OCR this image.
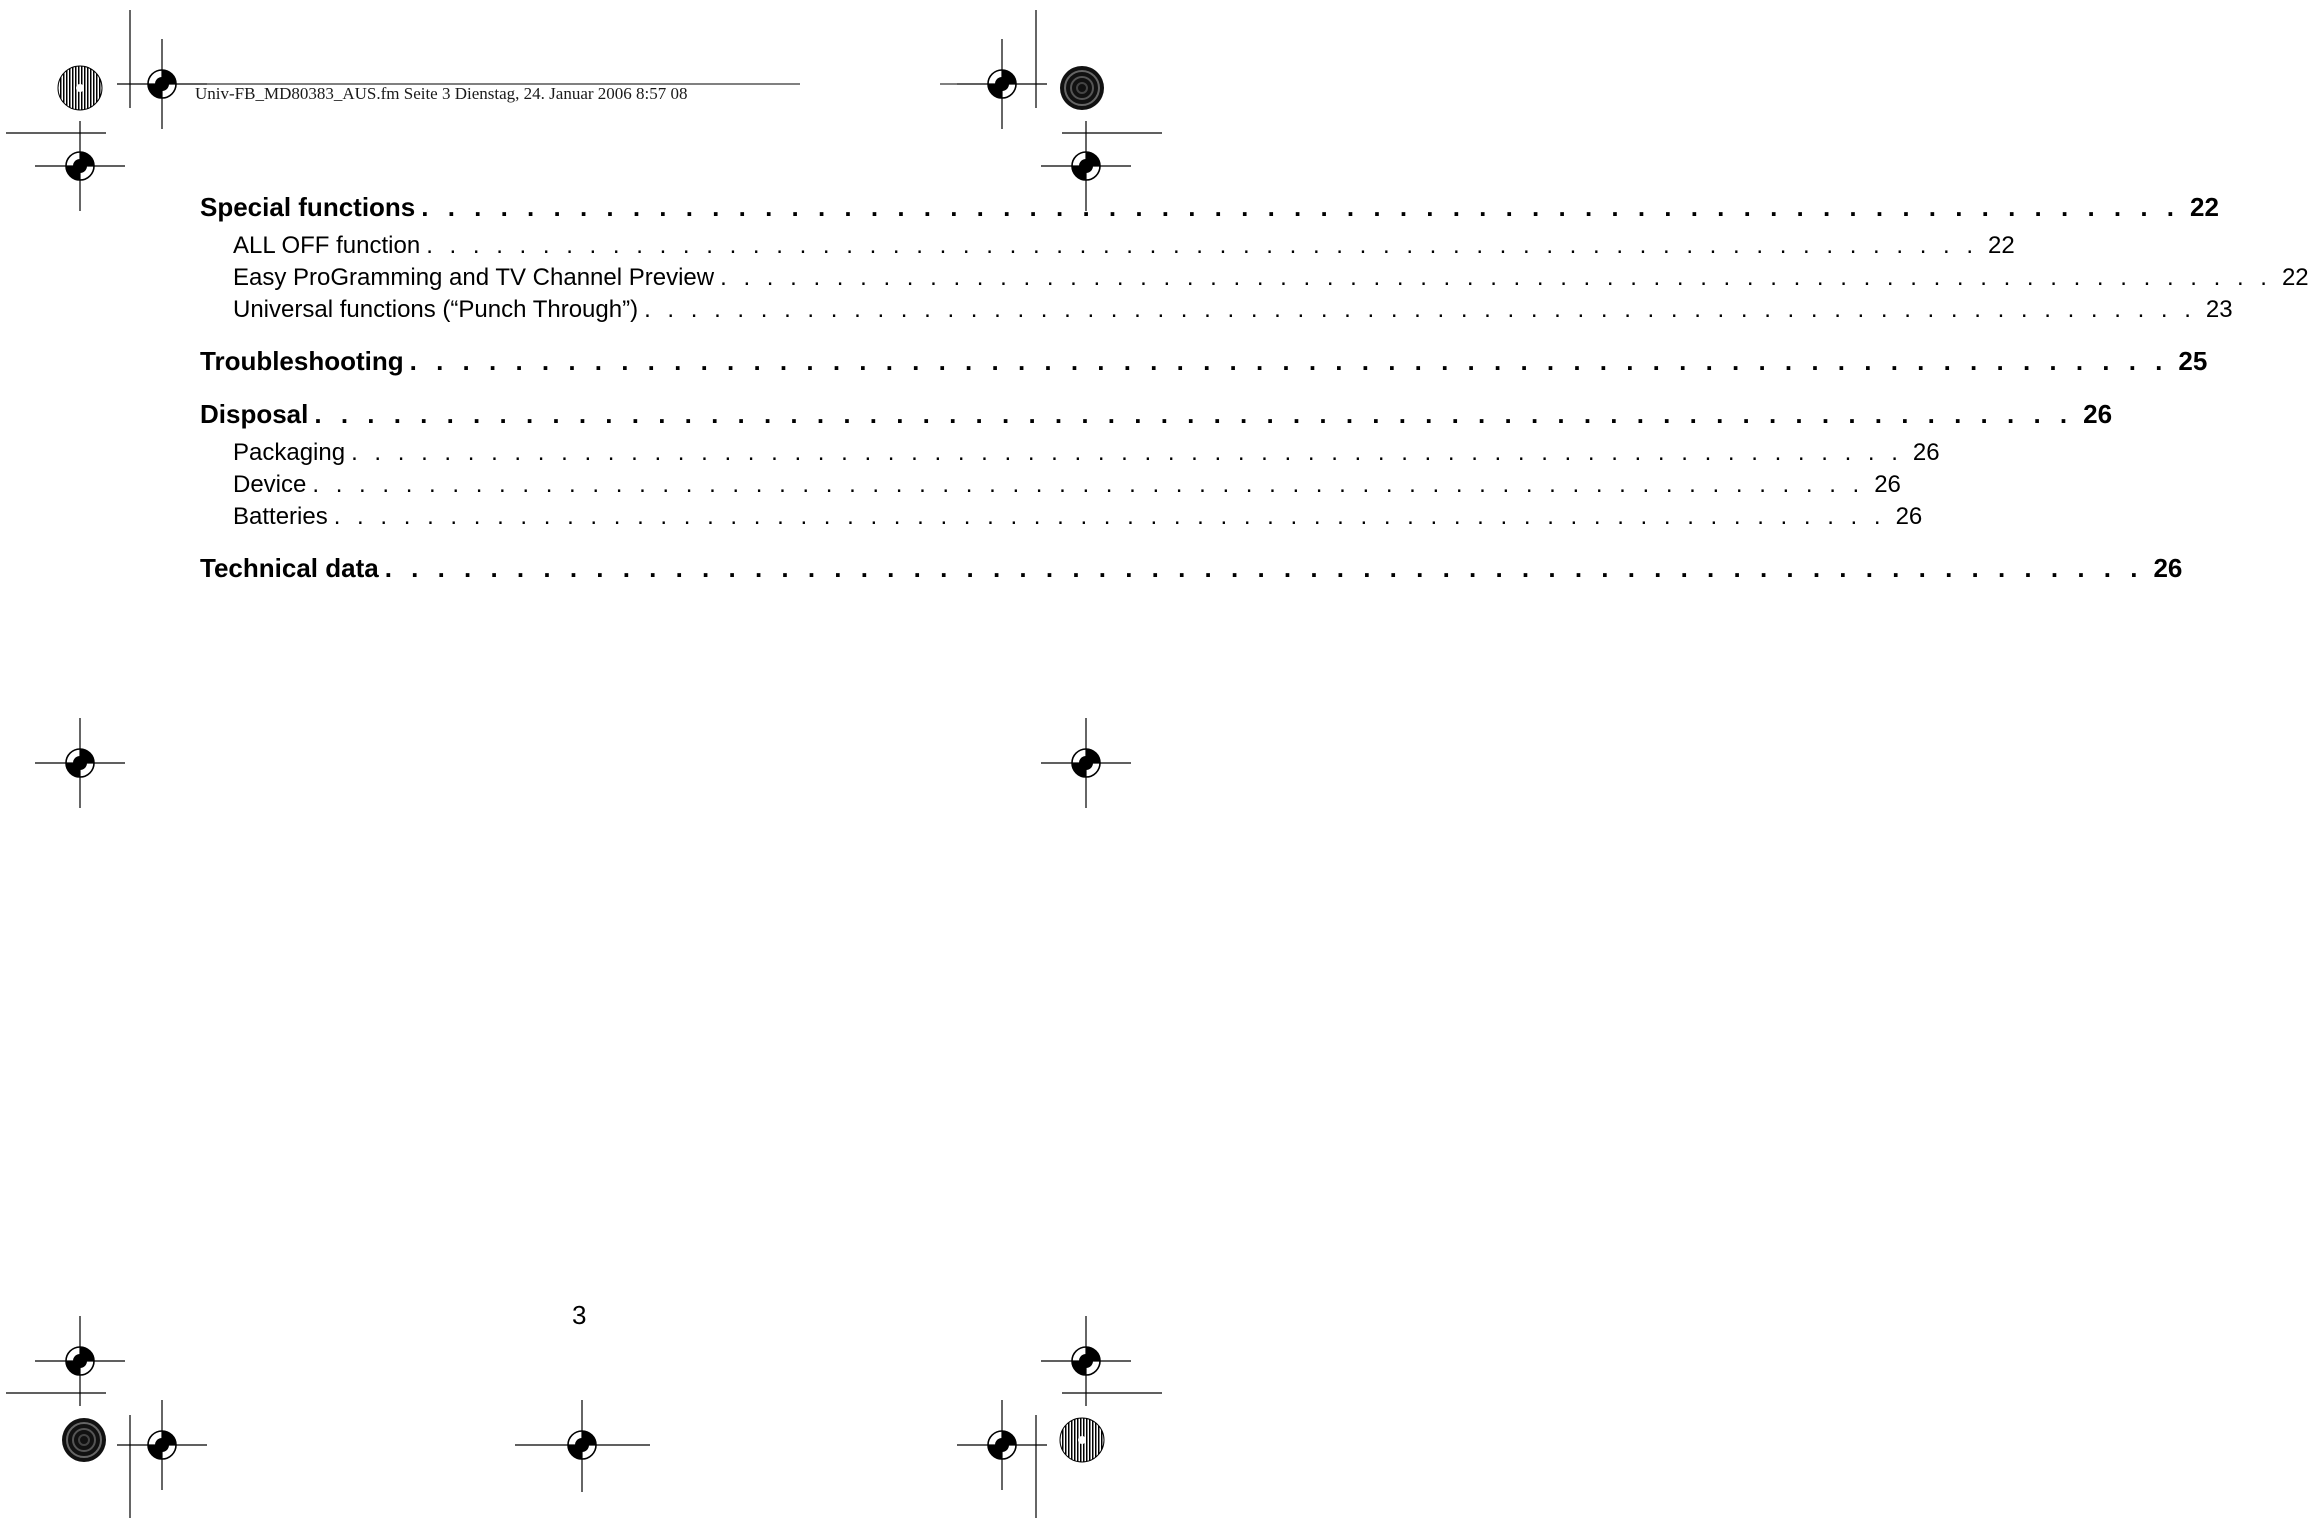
Univ-FB_MD80383_AUS.fm Seite 3 Dienstag, 24. Januar 2006 8:57 08
Special functions . . . . . . . . . . . . . . . . . . . . . . . . . . . . . . . . . . . . . . . . . . . . . . . . . . . . . . . . . . . . . . . . . . . 22
ALL OFF function . . . . . . . . . . . . . . . . . . . . . . . . . . . . . . . . . . . . . . . . . . . . . . . . . . . . . . . . . . . . . . . . . . . 22
Easy ProGramming and TV Channel Preview . . . . . . . . . . . . . . . . . . . . . . . . . . . . . . . . . . . . . . . . . . . . . . . . . . . . . . . . . . . . . . . . . . . 22
Universal functions (“Punch Through”) . . . . . . . . . . . . . . . . . . . . . . . . . . . . . . . . . . . . . . . . . . . . . . . . . . . . . . . . . . . . . . . . . . . 23
Troubleshooting . . . . . . . . . . . . . . . . . . . . . . . . . . . . . . . . . . . . . . . . . . . . . . . . . . . . . . . . . . . . . . . . . . . 25
Disposal . . . . . . . . . . . . . . . . . . . . . . . . . . . . . . . . . . . . . . . . . . . . . . . . . . . . . . . . . . . . . . . . . . . 26
Packaging . . . . . . . . . . . . . . . . . . . . . . . . . . . . . . . . . . . . . . . . . . . . . . . . . . . . . . . . . . . . . . . . . . . 26
Device . . . . . . . . . . . . . . . . . . . . . . . . . . . . . . . . . . . . . . . . . . . . . . . . . . . . . . . . . . . . . . . . . . . 26
Batteries . . . . . . . . . . . . . . . . . . . . . . . . . . . . . . . . . . . . . . . . . . . . . . . . . . . . . . . . . . . . . . . . . . . 26
Technical data . . . . . . . . . . . . . . . . . . . . . . . . . . . . . . . . . . . . . . . . . . . . . . . . . . . . . . . . . . . . . . . . . . . 26
3
